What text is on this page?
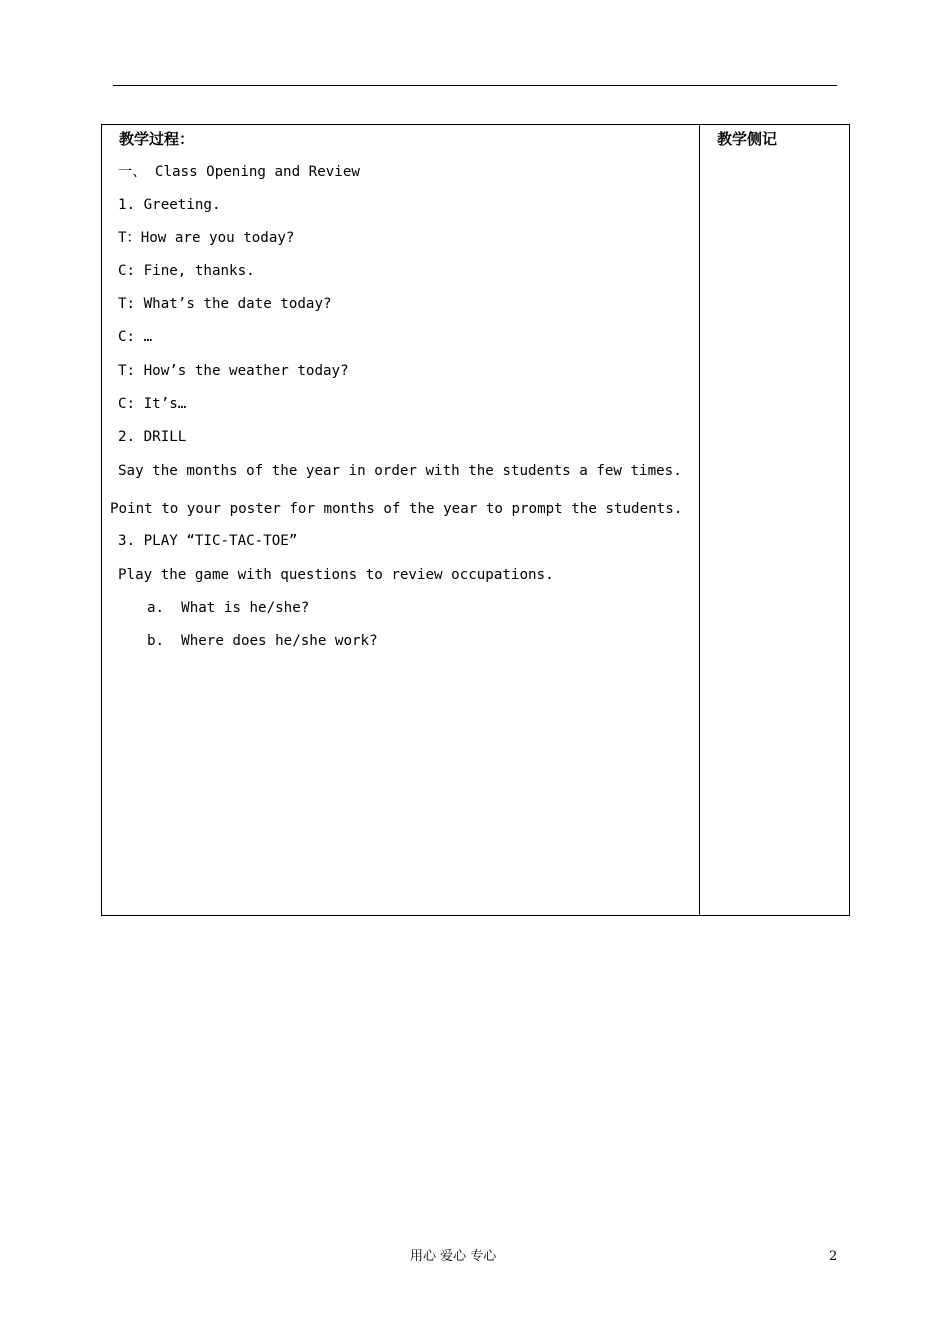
教学过程：	教学侧记
一、 Class Opening and Review
1. Greeting.
T：How are you today?
C: Fine, thanks.
T: What’s the date today?
C: …
T: How’s the weather today?
C: It’s…
2. DRILL
Say the months of the year in order with the students a few times.
Point to your poster for months of the year to prompt the students.
3. PLAY “TIC-TAC-TOE”
Play the game with questions to review occupations.
a.  What is he/she?
b.  Where does he/she work?
用心 爱心 专心	2
